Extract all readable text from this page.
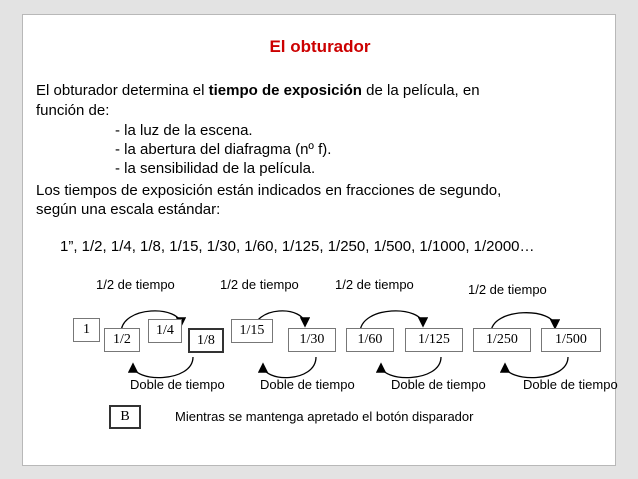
El obturador
El obturador determina el tiempo de exposición de la película, en
función de:
- la luz de la escena.
- la abertura del diafragma (nº f).
- la sensibilidad de la película.
Los tiempos de exposición están indicados en fracciones de segundo,
según una escala estándar:
1”, 1/2, 1/4, 1/8, 1/15, 1/30, 1/60, 1/125, 1/250, 1/500, 1/1000, 1/2000…
1/2 de tiempo	1/2 de tiempo	1/2 de tiempo	1/2 de tiempo
1
1/2
1/4
1/8
1/15
1/30	1/60	1/125	1/250	1/500
Doble de tiempo	Doble de tiempo	Doble de tiempo	Doble de tiempo
B	Mientras se mantenga apretado el botón disparador
